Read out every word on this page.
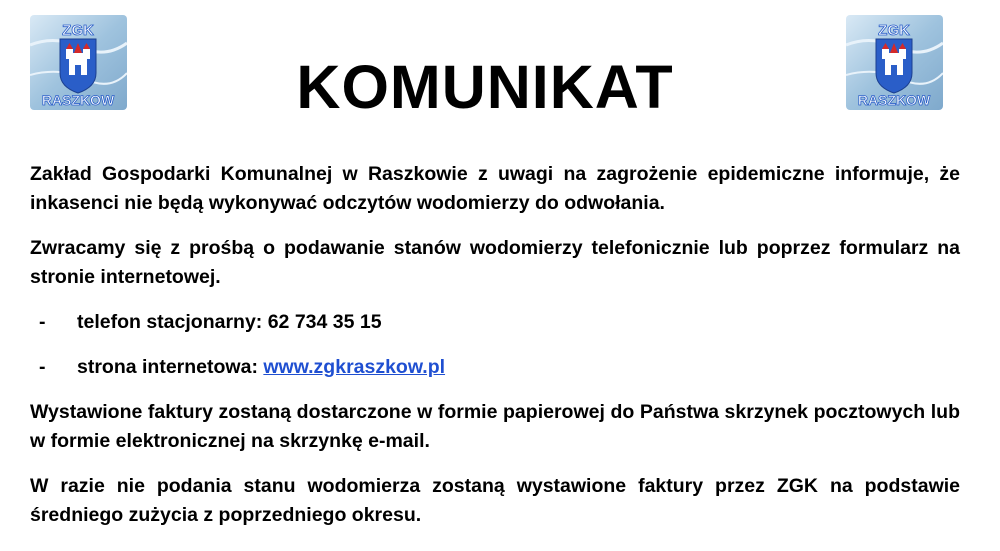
ZGK
RASZKOW	KOMUNIKAT
ZGK
RASZKOW

Zakład Gospodarki Komunalnej w Raszkowie z uwagi na zagrożenie epidemiczne informuje, że inkasenci nie będą wykonywać odczytów wodomierzy do odwołania.

Zwracamy się z prośbą o podawanie stanów wodomierzy telefonicznie lub poprzez formularz na stronie internetowej.

- telefon stacjonarny: 62 734 35 15
- strona internetowa: www.zgkraszkow.pl

Wystawione faktury zostaną dostarczone w formie papierowej do Państwa skrzynek pocztowych lub w formie elektronicznej na skrzynkę e-mail.

W razie nie podania stanu wodomierza zostaną wystawione faktury przez ZGK na podstawie średniego zużycia z poprzedniego okresu.
